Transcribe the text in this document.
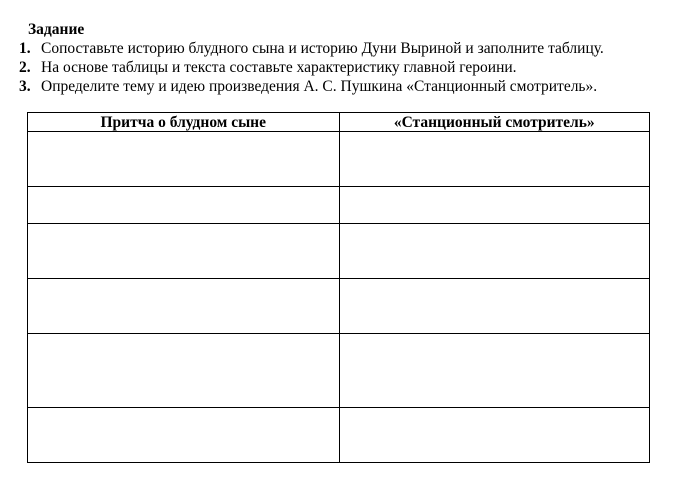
Задание
1. Сопоставьте историю блудного сына и историю Дуни Выриной и заполните таблицу.
2. На основе таблицы и текста составьте характеристику главной героини.
3. Определите тему и идею произведения А. С. Пушкина «Станционный смотритель».
Притча о блудном сыне	«Станционный смотритель»
